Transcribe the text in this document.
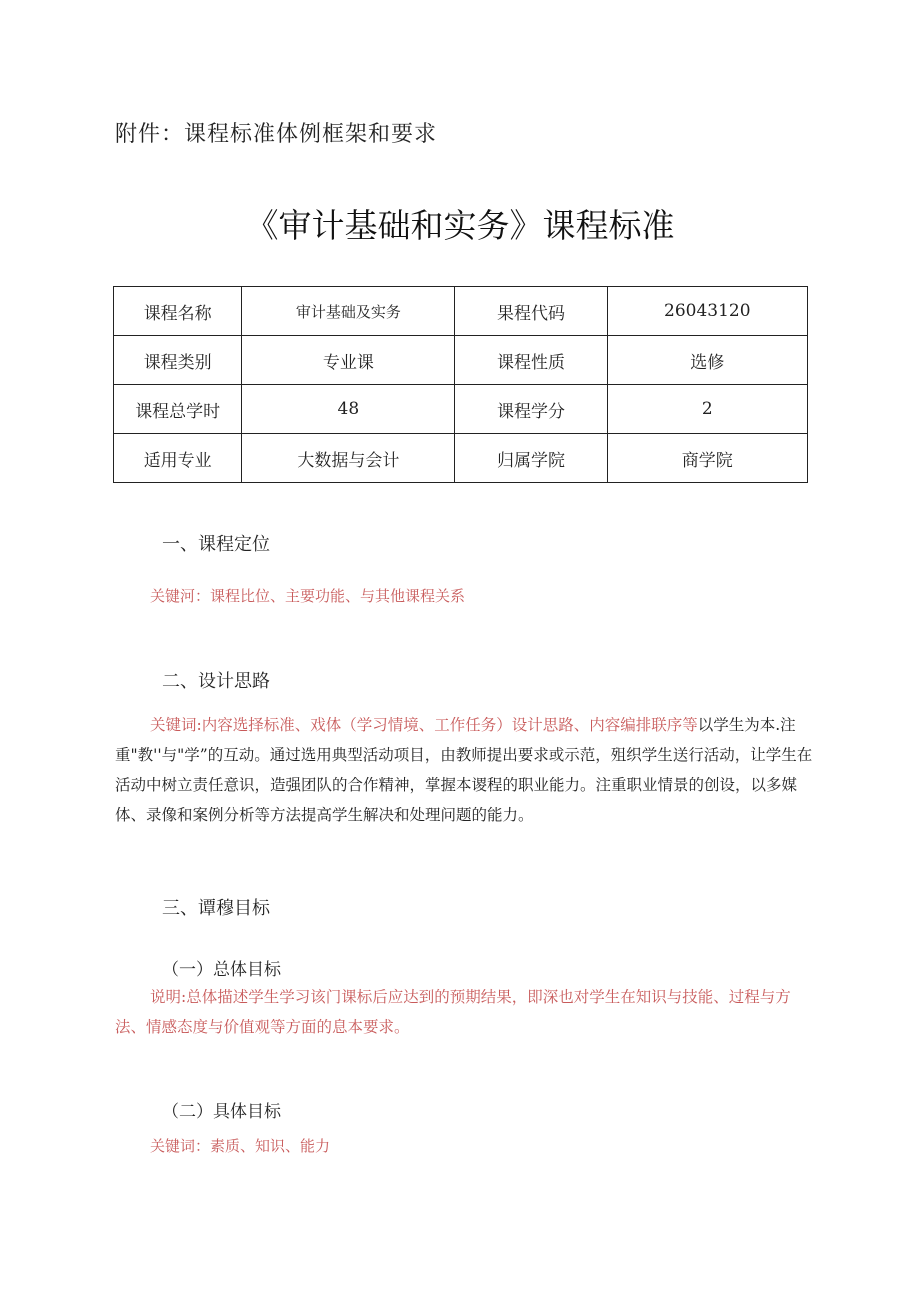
附件：课程标准体例框架和要求
《审计基础和实务》课程标准
课程名称	审计基础及实务	果程代码	26043120
课程类别	专业课	课程性质	选修
课程总学时	48	课程学分	2
适用专业	大数据与会计	归属学院	商学院
一、课程定位
关键河：课程比位、主要功能、与其他课程关系
二、设计思路
关键词:内容选择标准、戏体（学习情境、工作任务）设计思路、内容编排联序等以学生为本.注重"教''与"学”的互动。通过选用典型活动项目，由教师提出要求或示范，殂织学生送行活动，让学生在活动中树立责任意识，造强团队的合作精神，掌握本谡程的职业能力。注重职业情景的创设，以多媒体、录像和案例分析等方法提高学生解决和处理问题的能力。
三、谭穆目标
（一）总体目标
说明:总体描述学生学习该门课标后应达到的预期结果，即深也对学生在知识与技能、过程与方法、情感态度与价值观等方面的息本要求。
（二）具体目标
关键词：素质、知识、能力
